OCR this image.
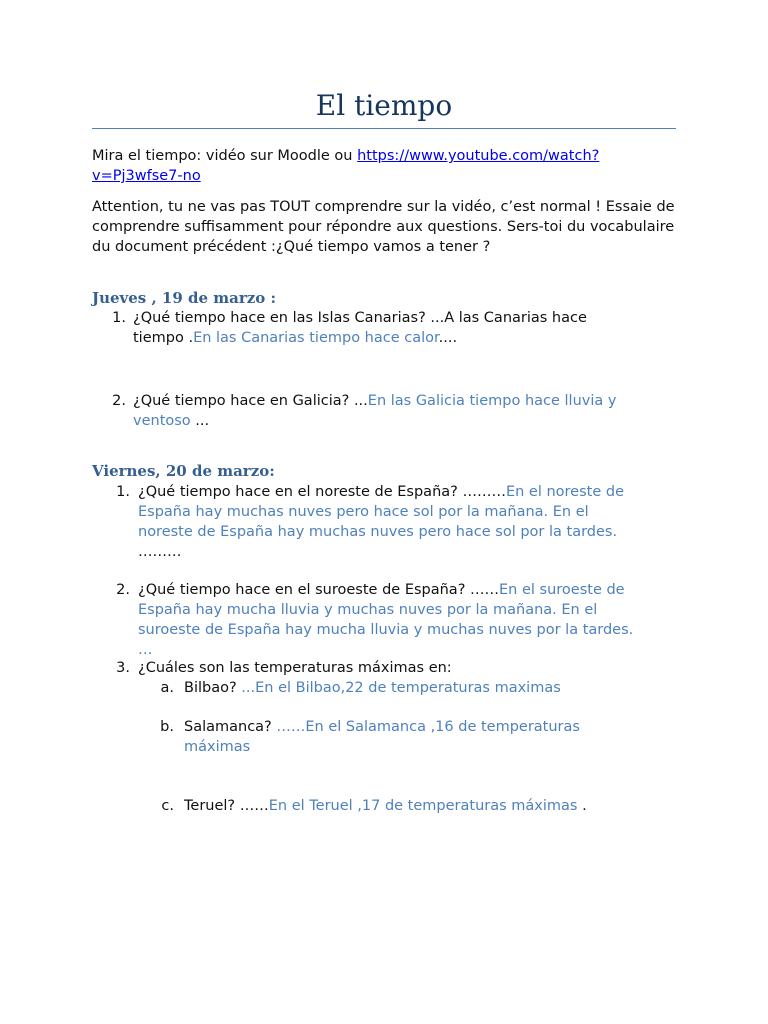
El tiempo

Mira el tiempo: vidéo sur Moodle ou https://www.youtube.com/watch?
v=Pj3wfse7-no

Attention, tu ne vas pas TOUT comprendre sur la vidéo, c’est normal ! Essaie de comprendre suffisamment pour répondre aux questions. Sers-toi du vocabulaire du document précédent :¿Qué tiempo vamos a tener ?

Jueves , 19 de marzo :
1. ¿Qué tiempo hace en las Islas Canarias? ...A las Canarias hace
tiempo .En las Canarias tiempo hace calor....
2. ¿Qué tiempo hace en Galicia? ...En las Galicia tiempo hace lluvia y
ventoso ...
Viernes, 20 de marzo:
1. ¿Qué tiempo hace en el noreste de España? ………En el noreste de
España hay muchas nuves pero hace sol por la mañana. En el
noreste de España hay muchas nuves pero hace sol por la tardes.
………
2. ¿Qué tiempo hace en el suroeste de España? ……En el suroeste de
España hay mucha lluvia y muchas nuves por la mañana. En el
suroeste de España hay mucha lluvia y muchas nuves por la tardes.
…
3. ¿Cuáles son las temperaturas máximas en:
a. Bilbao? ...En el Bilbao,22 de temperaturas maximas
b. Salamanca? ……En el Salamanca ,16 de temperaturas
máximas
c. Teruel? ……En el Teruel ,17 de temperaturas máximas .
